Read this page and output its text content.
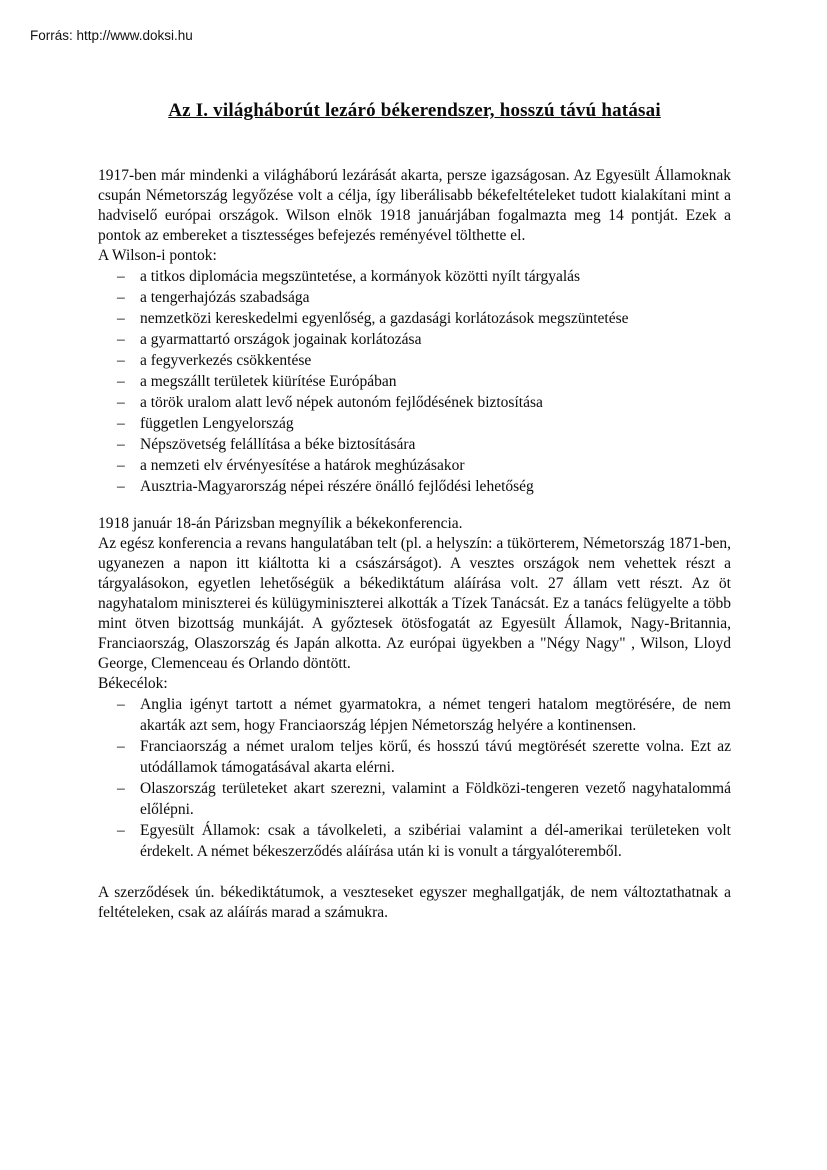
Forrás: http://www.doksi.hu
Az I. világháborút lezáró békerendszer, hosszú távú hatásai

1917-ben már mindenki a világháború lezárását akarta, persze igazságosan. Az Egyesült Államoknak csupán Németország legyőzése volt a célja, így liberálisabb békefeltételeket tudott kialakítani mint a hadviselő európai országok. Wilson elnök 1918 januárjában fogalmazta meg 14 pontját. Ezek a pontok az embereket a tisztességes befejezés reményével tölthette el.

A Wilson-i pontok:

– a titkos diplomácia megszüntetése, a kormányok közötti nyílt tárgyalás
– a tengerhajózás szabadsága
– nemzetközi kereskedelmi egyenlőség, a gazdasági korlátozások megszüntetése
– a gyarmattartó országok jogainak korlátozása
– a fegyverkezés csökkentése
– a megszállt területek kiürítése Európában
– a török uralom alatt levő népek autonóm fejlődésének biztosítása
– független Lengyelország
– Népszövetség felállítása a béke biztosítására
– a nemzeti elv érvényesítése a határok meghúzásakor
– Ausztria-Magyarország népei részére önálló fejlődési lehetőség

1918 január 18-án Párizsban megnyílik a békekonferencia.

Az egész konferencia a revans hangulatában telt (pl. a helyszín: a tükörterem, Németország 1871-ben, ugyanezen a napon itt kiáltotta ki a császárságot). A vesztes országok nem vehettek részt a tárgyalásokon, egyetlen lehetőségük a békediktátum aláírása volt. 27 állam vett részt. Az öt nagyhatalom miniszterei és külügyminiszterei alkották a Tízek Tanácsát. Ez a tanács felügyelte a több mint ötven bizottság munkáját. A győztesek ötösfogatát az Egyesült Államok, Nagy-Britannia, Franciaország, Olaszország és Japán alkotta. Az európai ügyekben a "Négy Nagy" , Wilson, Lloyd George, Clemenceau és Orlando döntött.

Békecélok:

– Anglia igényt tartott a német gyarmatokra, a német tengeri hatalom megtörésére, de nem akarták azt sem, hogy Franciaország lépjen Németország helyére a kontinensen.
– Franciaország a német uralom teljes körű, és hosszú távú megtörését szerette volna. Ezt az utódállamok támogatásával akarta elérni.
– Olaszország területeket akart szerezni, valamint a Földközi-tengeren vezető nagyhatalommá előlépni.
– Egyesült Államok: csak a távolkeleti, a szibériai valamint a dél-amerikai területeken volt érdekelt. A német békeszerződés aláírása után ki is vonult a tárgyalóteremből.

A szerződések ún. békediktátumok, a veszteseket egyszer meghallgatják, de nem változtathatnak a feltételeken, csak az aláírás marad a számukra.
